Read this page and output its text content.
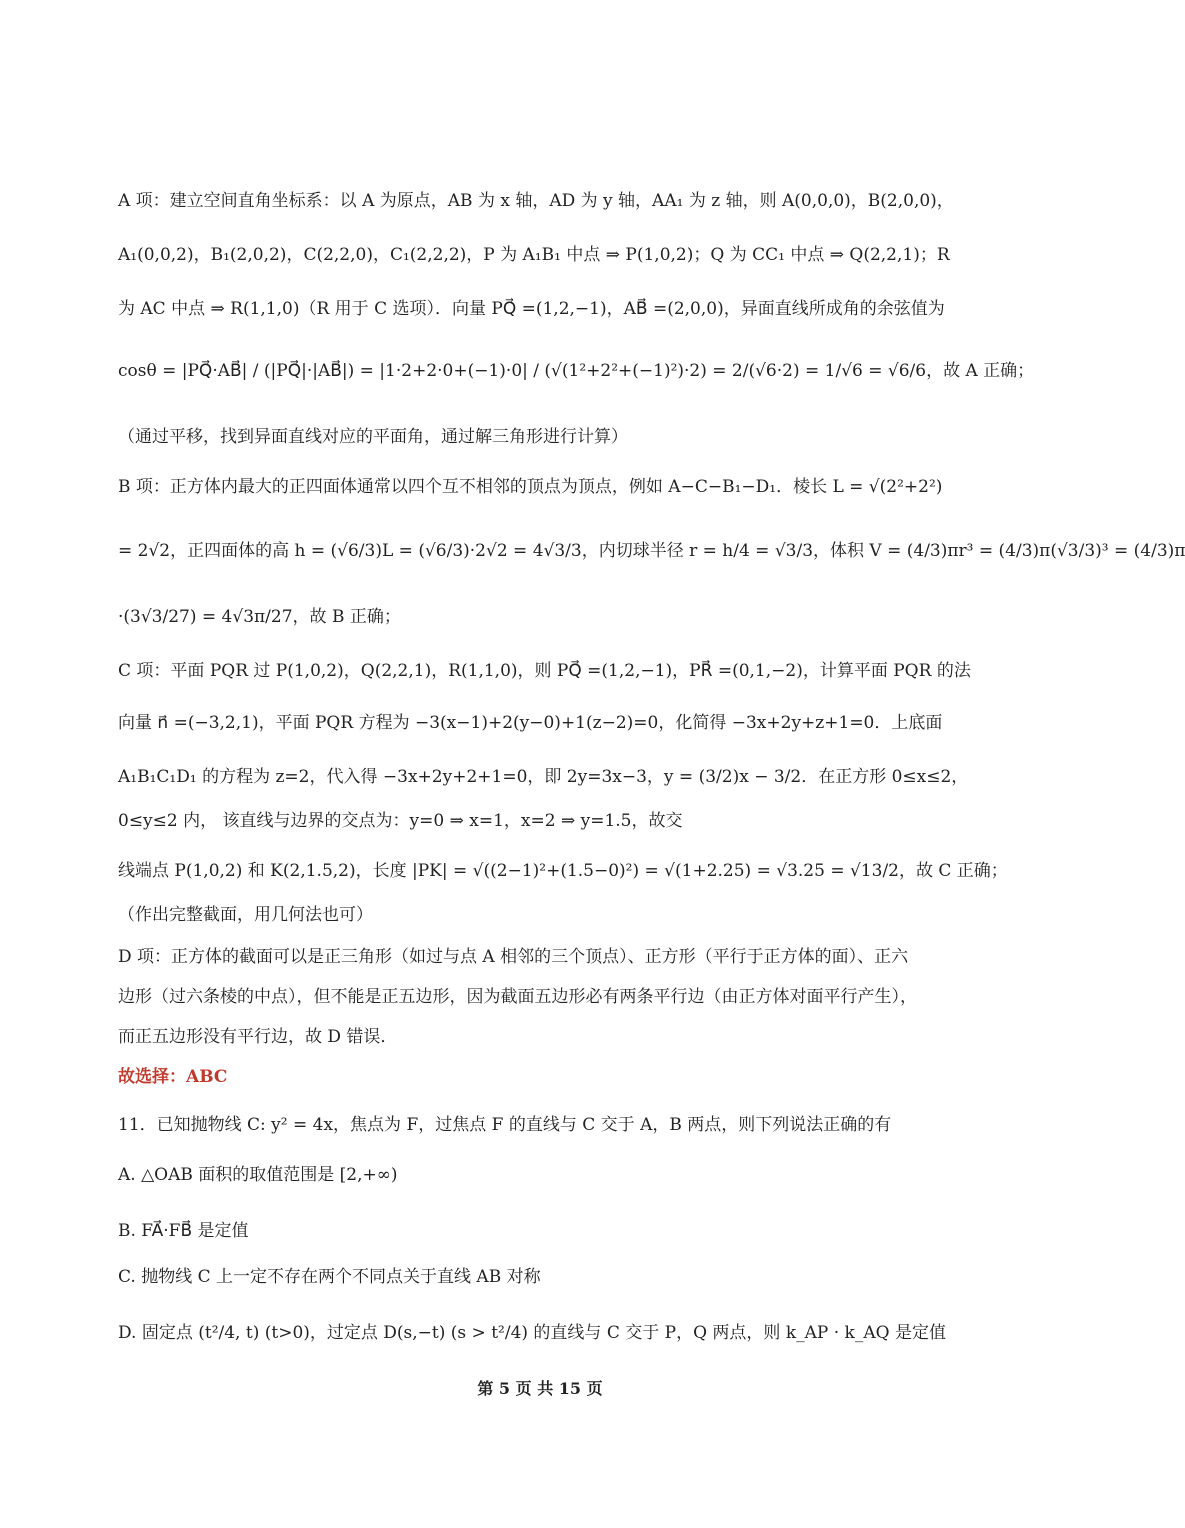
A 项：建立空间直角坐标系：以 A 为原点，AB 为 x 轴，AD 为 y 轴，AA₁ 为 z 轴，则 A(0,0,0)，B(2,0,0)，
A₁(0,0,2)，B₁(2,0,2)，C(2,2,0)，C₁(2,2,2)，P 为 A₁B₁ 中点 ⇒ P(1,0,2)；Q 为 CC₁ 中点 ⇒ Q(2,2,1)；R
为 AC 中点 ⇒ R(1,1,0)（R 用于 C 选项）．向量 PQ⃗ =(1,2,−1)，AB⃗ =(2,0,0)，异面直线所成角的余弦值为
cosθ = |PQ⃗·AB⃗| / (|PQ⃗|·|AB⃗|) = |1·2+2·0+(−1)·0| / (√(1²+2²+(−1)²)·2) = 2/(√6·2) = 1/√6 = √6/6，故 A 正确；
（通过平移，找到异面直线对应的平面角，通过解三角形进行计算）
B 项：正方体内最大的正四面体通常以四个互不相邻的顶点为顶点，例如 A−C−B₁−D₁．棱长 L = √(2²+2²)
= 2√2，正四面体的高 h = (√6/3)L = (√6/3)·2√2 = 4√3/3，内切球半径 r = h/4 = √3/3，体积 V = (4/3)πr³ = (4/3)π(√3/3)³ = (4/3)π
·(3√3/27) = 4√3π/27，故 B 正确；
C 项：平面 PQR 过 P(1,0,2)，Q(2,2,1)，R(1,1,0)，则 PQ⃗ =(1,2,−1)，PR⃗ =(0,1,−2)，计算平面 PQR 的法
向量 n⃗ =(−3,2,1)，平面 PQR 方程为 −3(x−1)+2(y−0)+1(z−2)=0，化简得 −3x+2y+z+1=0．上底面
A₁B₁C₁D₁ 的方程为 z=2，代入得 −3x+2y+2+1=0，即 2y=3x−3，y = (3/2)x − 3/2．在正方形 0≤x≤2，
0≤y≤2 内， 该直线与边界的交点为：y=0 ⇒ x=1，x=2 ⇒ y=1.5，故交
线端点 P(1,0,2) 和 K(2,1.5,2)，长度 |PK| = √((2−1)²+(1.5−0)²) = √(1+2.25) = √3.25 = √13/2，故 C 正确；
（作出完整截面，用几何法也可）
D 项：正方体的截面可以是正三角形（如过与点 A 相邻的三个顶点）、正方形（平行于正方体的面）、正六
边形（过六条棱的中点），但不能是正五边形，因为截面五边形必有两条平行边（由正方体对面平行产生），
而正五边形没有平行边，故 D 错误．
故选择：ABC
11．已知抛物线 C: y² = 4x，焦点为 F，过焦点 F 的直线与 C 交于 A，B 两点，则下列说法正确的有
A. △OAB 面积的取值范围是 [2,+∞)
B. FA⃗·FB⃗ 是定值
C. 抛物线 C 上一定不存在两个不同点关于直线 AB 对称
D. 固定点 (t²/4, t) (t>0)，过定点 D(s,−t) (s > t²/4) 的直线与 C 交于 P，Q 两点，则 k_AP · k_AQ 是定值
第 5 页 共 15 页
